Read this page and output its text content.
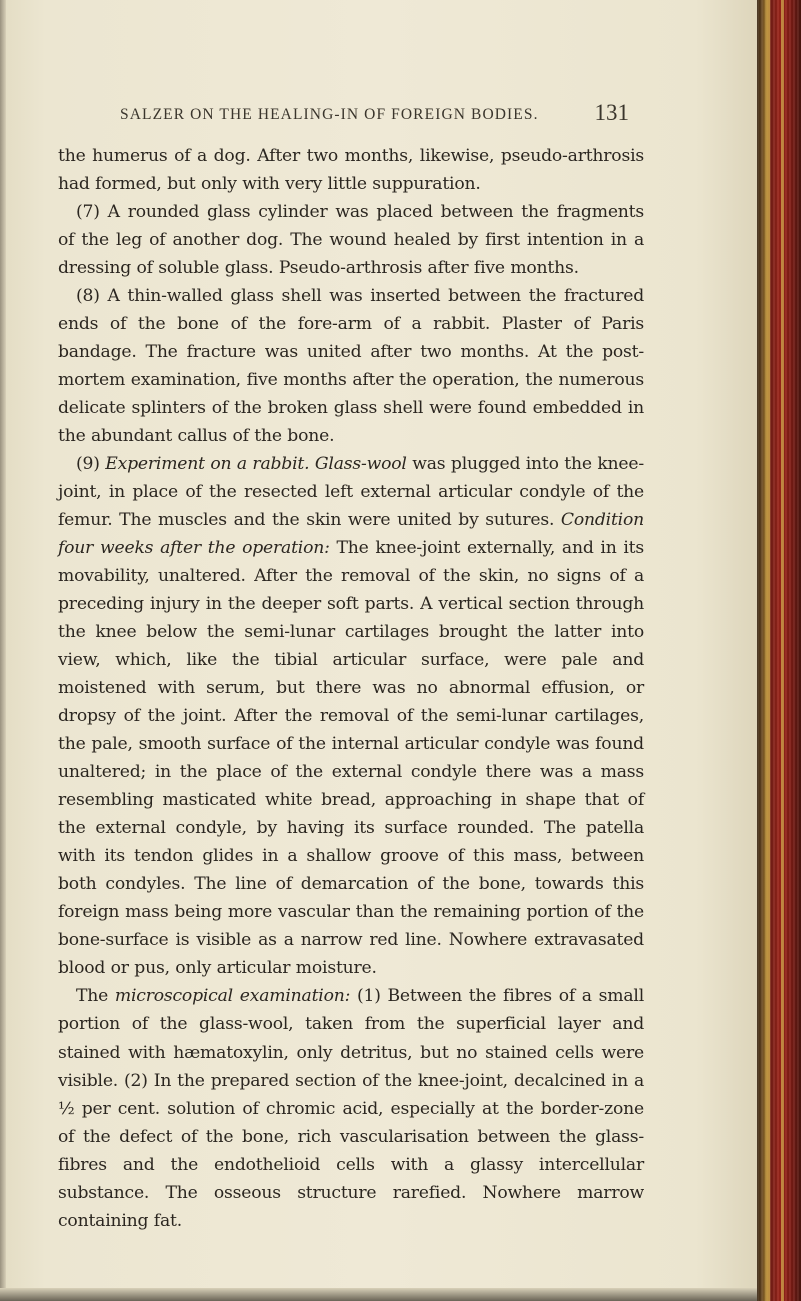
SALZER ON THE HEALING-IN OF FOREIGN BODIES.	131

the humerus of a dog. After two months, likewise, pseudo-arthrosis had formed, but only with very little suppuration.

(7) A rounded glass cylinder was placed between the fragments of the leg of another dog. The wound healed by first intention in a dressing of soluble glass. Pseudo-arthrosis after five months.

(8) A thin-walled glass shell was inserted between the fractured ends of the bone of the fore-arm of a rabbit. Plaster of Paris bandage. The fracture was united after two months. At the post-mortem examination, five months after the operation, the numerous delicate splinters of the broken glass shell were found embedded in the abundant callus of the bone.

(9) Experiment on a rabbit. Glass-wool was plugged into the knee-joint, in place of the resected left external articular condyle of the femur. The muscles and the skin were united by sutures. Condition four weeks after the operation: The knee-joint externally, and in its movability, unaltered. After the removal of the skin, no signs of a preceding injury in the deeper soft parts. A vertical section through the knee below the semi-lunar cartilages brought the latter into view, which, like the tibial articular surface, were pale and moistened with serum, but there was no abnormal effusion, or dropsy of the joint. After the removal of the semi-lunar cartilages, the pale, smooth surface of the internal articular condyle was found unaltered; in the place of the external condyle there was a mass resembling masticated white bread, approaching in shape that of the external condyle, by having its surface rounded. The patella with its tendon glides in a shallow groove of this mass, between both condyles. The line of demarcation of the bone, towards this foreign mass being more vascular than the remaining portion of the bone-surface is visible as a narrow red line. Nowhere extravasated blood or pus, only articular moisture.

The microscopical examination: (1) Between the fibres of a small portion of the glass-wool, taken from the superficial layer and stained with hæmatoxylin, only detritus, but no stained cells were visible. (2) In the prepared section of the knee-joint, decalcined in a ½ per cent. solution of chromic acid, especially at the border-zone of the defect of the bone, rich vascularisation between the glass-fibres and the endothelioid cells with a glassy intercellular substance. The osseous structure rarefied. Nowhere marrow containing fat.
